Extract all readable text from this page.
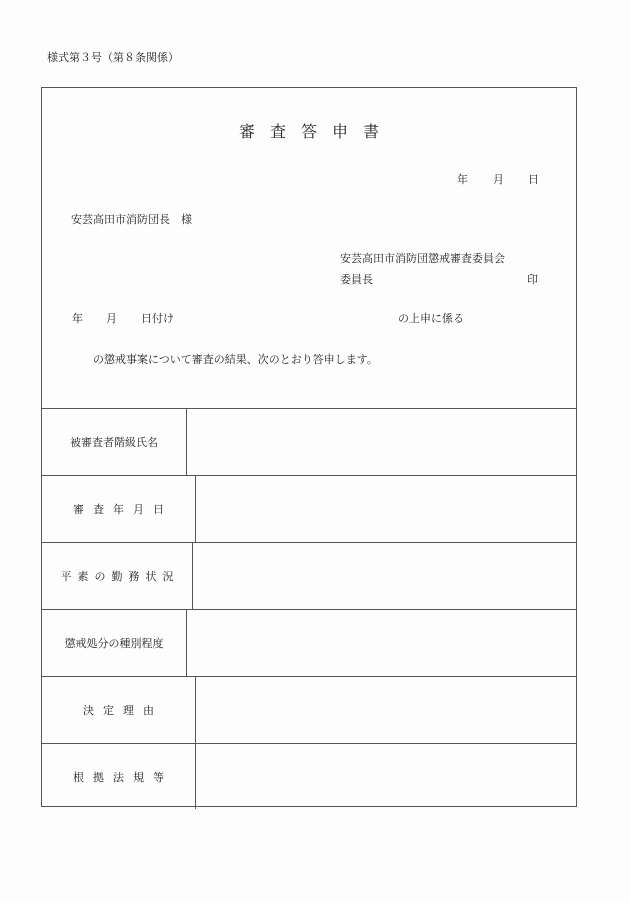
様式第３号（第８条関係）
審査答申書
年 月 日
安芸高田市消防団長　様
安芸高田市消防団懲戒審査委員会
委員長	印
年 月 日付け	の上申に係る
の懲戒事案について審査の結果、次のとおり答申します。
被審査者階級氏名
審査年月日
平素の勤務状況
懲戒処分の種別程度
決定理由
根拠法規等
